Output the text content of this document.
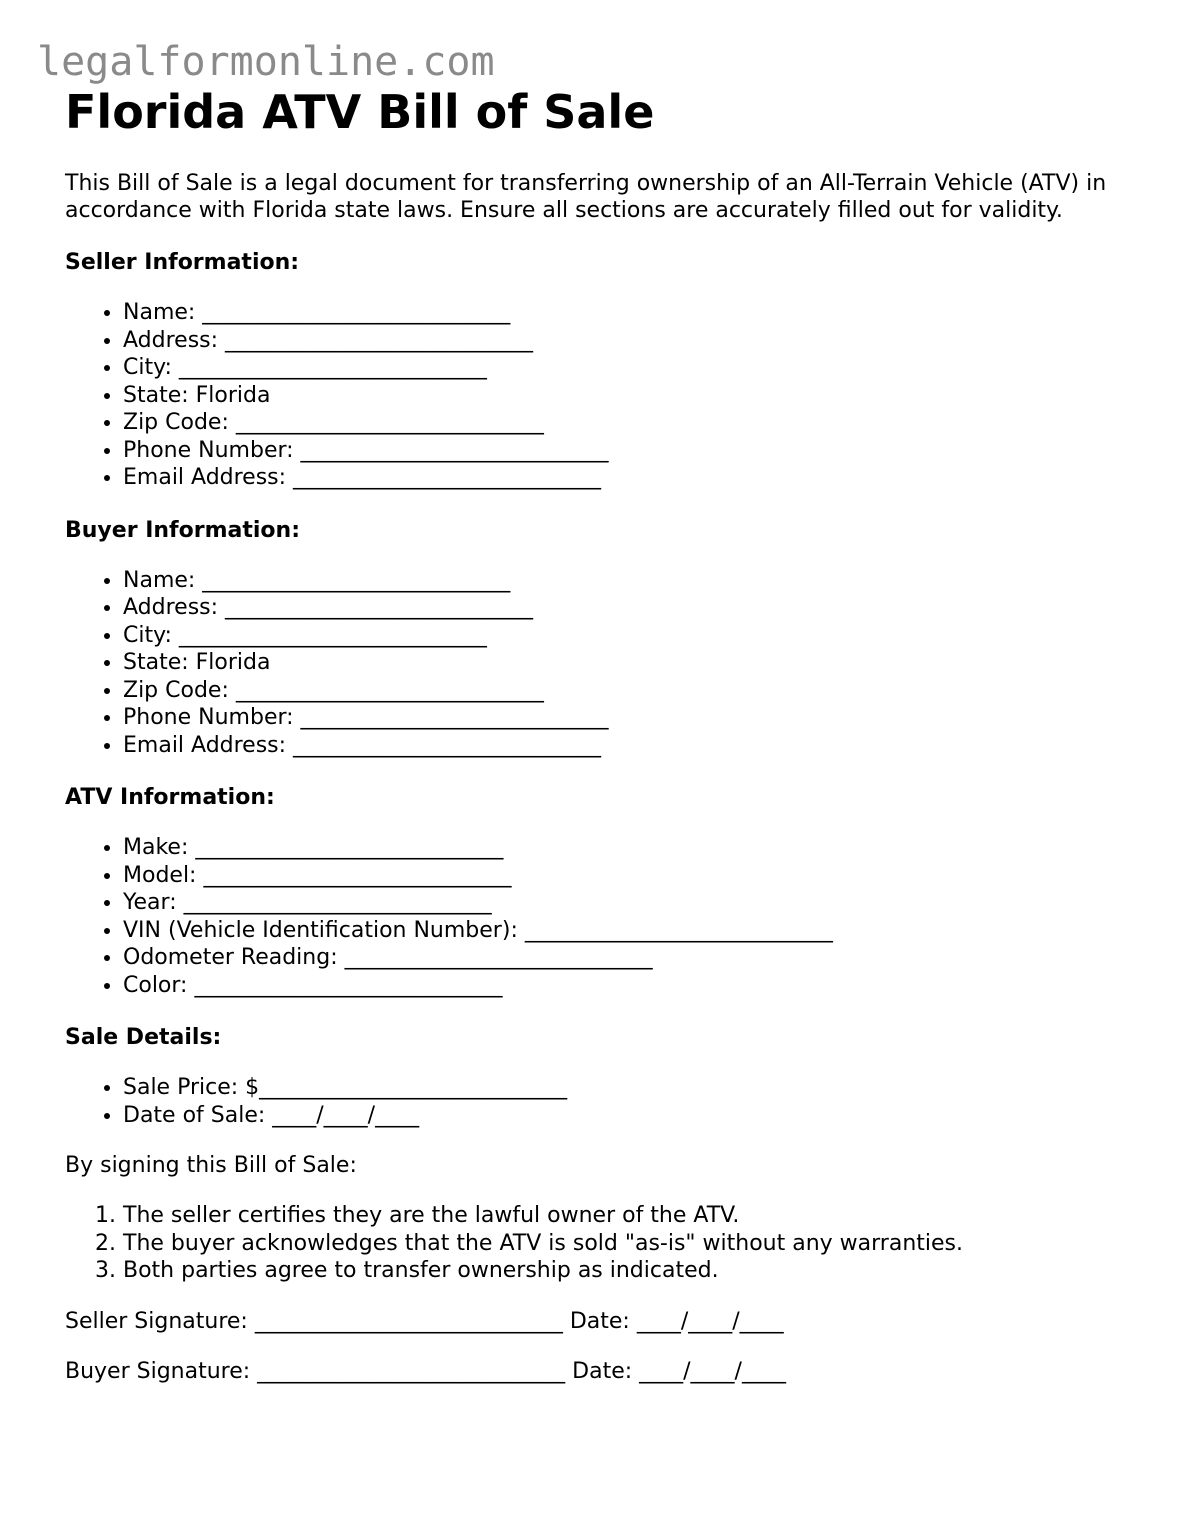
legalformonline.com
Florida ATV Bill of Sale

This Bill of Sale is a legal document for transferring ownership of an All-Terrain Vehicle (ATV) in accordance with Florida state laws. Ensure all sections are accurately filled out for validity.

Seller Information:

• Name: ____________________________
• Address: ____________________________
• City: ____________________________
• State: Florida
• Zip Code: ____________________________
• Phone Number: ____________________________
• Email Address: ____________________________

Buyer Information:

• Name: ____________________________
• Address: ____________________________
• City: ____________________________
• State: Florida
• Zip Code: ____________________________
• Phone Number: ____________________________
• Email Address: ____________________________

ATV Information:

• Make: ____________________________
• Model: ____________________________
• Year: ____________________________
• VIN (Vehicle Identification Number): ____________________________
• Odometer Reading: ____________________________
• Color: ____________________________

Sale Details:

• Sale Price: $____________________________
• Date of Sale: ____/____/____

By signing this Bill of Sale:

1. The seller certifies they are the lawful owner of the ATV.
2. The buyer acknowledges that the ATV is sold "as-is" without any warranties.
3. Both parties agree to transfer ownership as indicated.

Seller Signature: ____________________________ Date: ____/____/____

Buyer Signature: ____________________________ Date: ____/____/____
